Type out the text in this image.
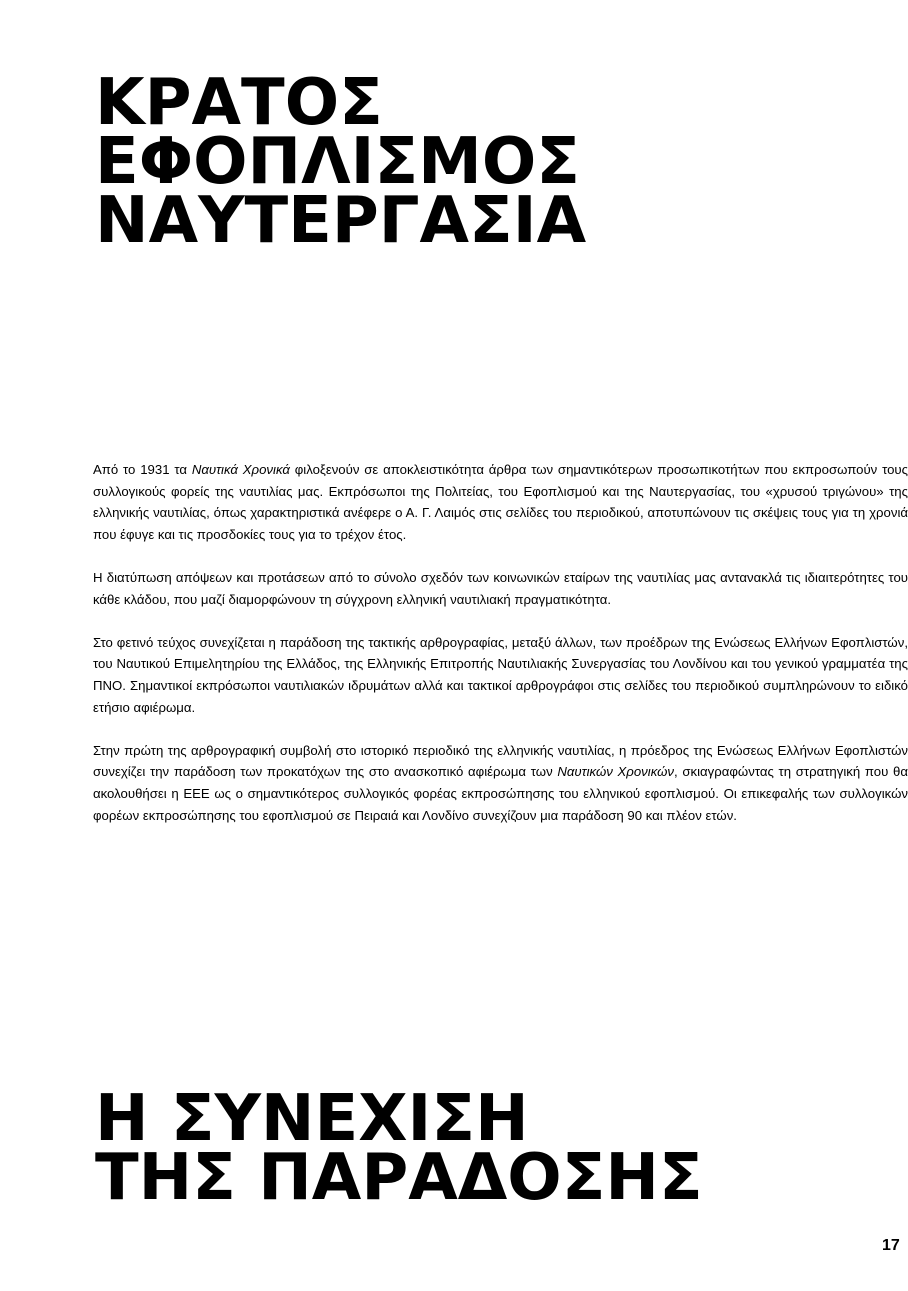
ΚΡΑΤΟΣ
ΕΦΟΠΛΙΣΜΟΣ
ΝΑΥΤΕΡΓΑΣΙΑ

Από το 1931 τα Ναυτικά Χρονικά φιλοξενούν σε αποκλειστικότητα άρθρα των σημαντικότερων προσωπικοτήτων που εκπροσωπούν τους συλλογικούς φορείς της ναυτιλίας μας. Εκπρόσωποι της Πολιτείας, του Εφοπλισμού και της Ναυτεργασίας, του «χρυσού τριγώνου» της ελληνικής ναυτιλίας, όπως χαρακτηριστικά ανέφερε ο Α. Γ. Λαιμός στις σελίδες του περιοδικού, αποτυπώνουν τις σκέψεις τους για τη χρονιά που έφυγε και τις προσδοκίες τους για το τρέχον έτος.

Η διατύπωση απόψεων και προτάσεων από το σύνολο σχεδόν των κοινωνικών εταίρων της ναυτιλίας μας αντανακλά τις ιδιαιτερότητες του κάθε κλάδου, που μαζί διαμορφώνουν τη σύγχρονη ελληνική ναυτιλιακή πραγματικότητα.

Στο φετινό τεύχος συνεχίζεται η παράδοση της τακτικής αρθρογραφίας, μεταξύ άλλων, των προέδρων της Ενώσεως Ελλήνων Εφοπλιστών, του Ναυτικού Επιμελητηρίου της Ελλάδος, της Ελληνικής Επιτροπής Ναυτιλιακής Συνεργασίας του Λονδίνου και του γενικού γραμματέα της ΠΝΟ. Σημαντικοί εκπρόσωποι ναυτιλιακών ιδρυμάτων αλλά και τακτικοί αρθρογράφοι στις σελίδες του περιοδικού συμπληρώνουν το ειδικό ετήσιο αφιέρωμα.

Στην πρώτη της αρθρογραφική συμβολή στο ιστορικό περιοδικό της ελληνικής ναυτιλίας, η πρόεδρος της Ενώσεως Ελλήνων Εφοπλιστών συνεχίζει την παράδοση των προκατόχων της στο ανασκοπικό αφιέρωμα των Ναυτικών Χρονικών, σκιαγραφώντας τη στρατηγική που θα ακολουθήσει η ΕΕΕ ως ο σημαντικότερος συλλογικός φορέας εκπροσώπησης του ελληνικού εφοπλισμού. Οι επικεφαλής των συλλογικών φορέων εκπροσώπησης του εφοπλισμού σε Πειραιά και Λονδίνο συνεχίζουν μια παράδοση 90 και πλέον ετών.

Η ΣΥΝΕΧΙΣΗ
ΤΗΣ ΠΑΡΑΔΟΣΗΣ
17
